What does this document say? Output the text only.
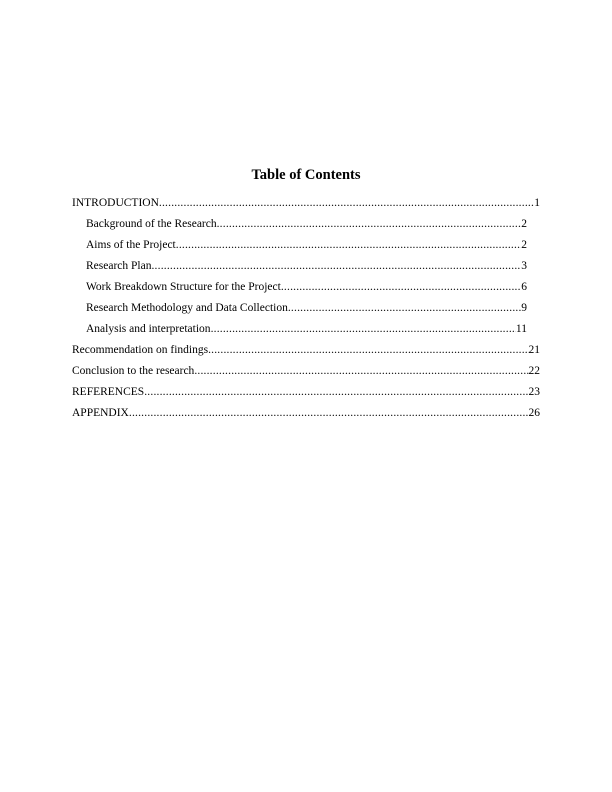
Table of Contents
INTRODUCTION .....	1
Background of the Research .....	2
Aims of the Project .....	2
Research Plan .....	3
Work Breakdown Structure for the Project .....	6
Research Methodology and Data Collection .....	9
Analysis and interpretation .....	11
Recommendation on findings .....	21
Conclusion to the research .....	22
REFERENCES .....	23
APPENDIX .....	26
